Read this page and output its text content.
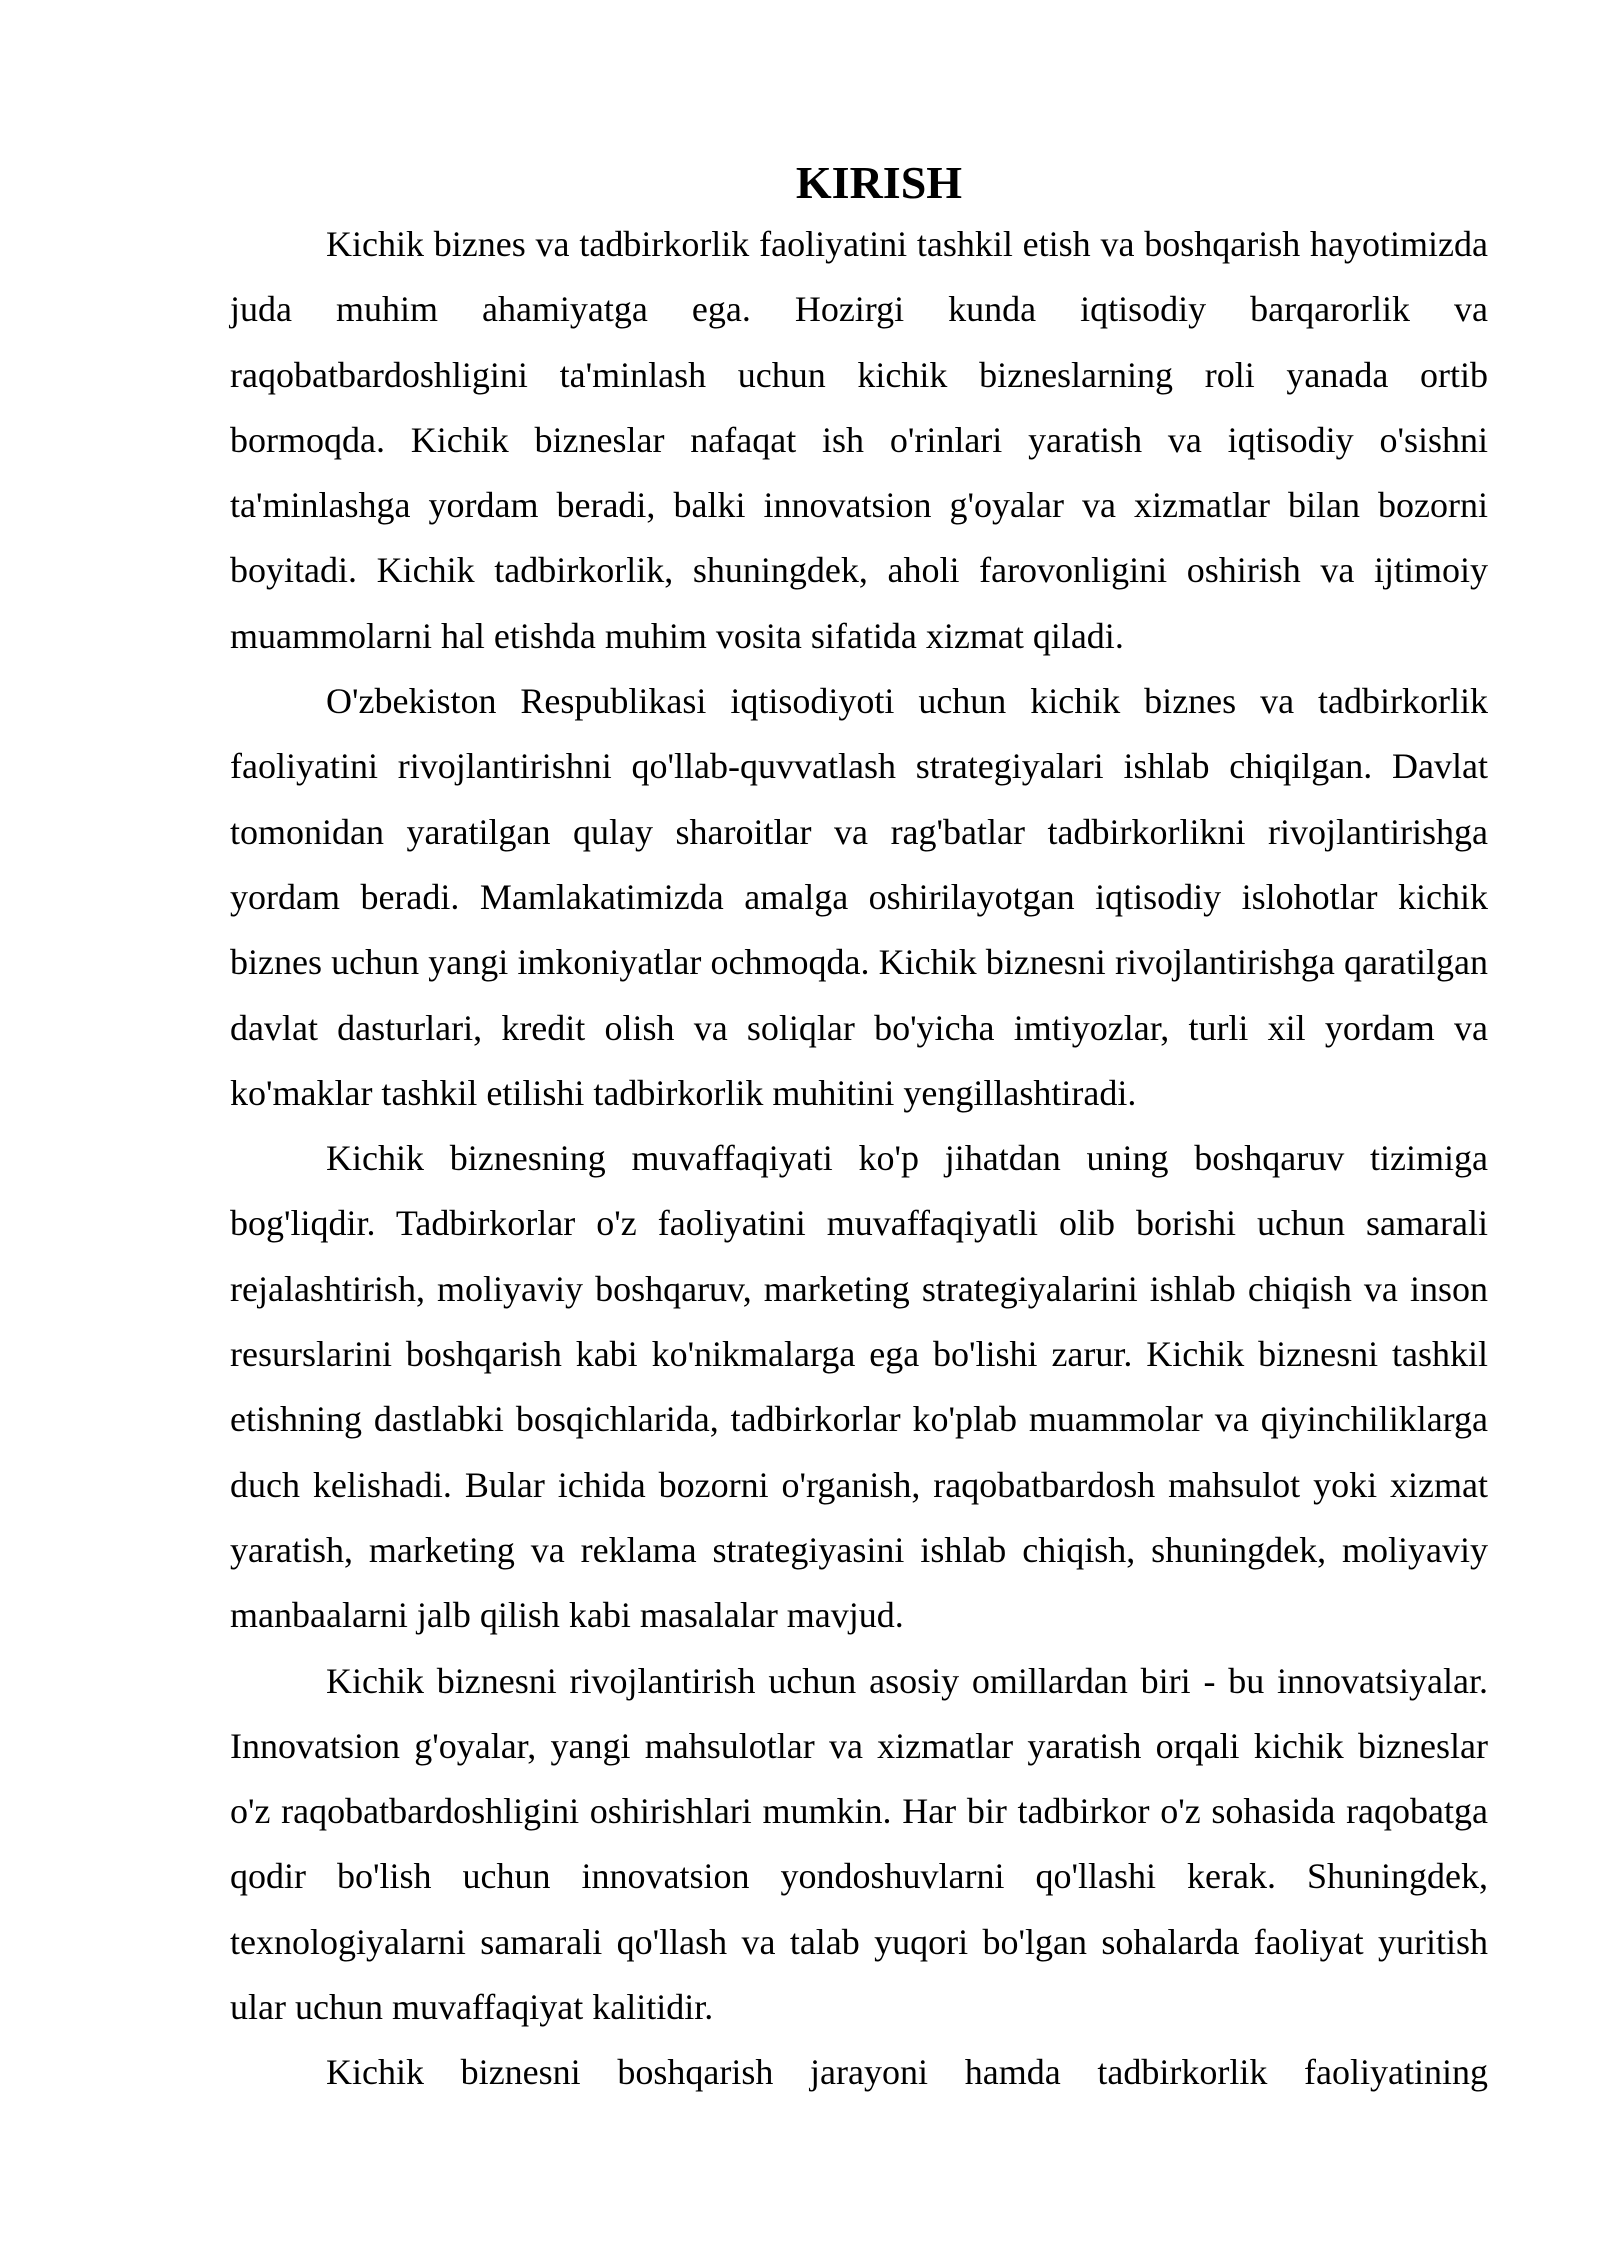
KIRISH

Kichik biznes va tadbirkorlik faoliyatini tashkil etish va boshqarish hayotimizda juda muhim ahamiyatga ega. Hozirgi kunda iqtisodiy barqarorlik va raqobatbardoshligini ta'minlash uchun kichik bizneslarning roli yanada ortib bormoqda. Kichik bizneslar nafaqat ish o'rinlari yaratish va iqtisodiy o'sishni ta'minlashga yordam beradi, balki innovatsion g'oyalar va xizmatlar bilan bozorni boyitadi. Kichik tadbirkorlik, shuningdek, aholi farovonligini oshirish va ijtimoiy muammolarni hal etishda muhim vosita sifatida xizmat qiladi.

O'zbekiston Respublikasi iqtisodiyoti uchun kichik biznes va tadbirkorlik faoliyatini rivojlantirishni qo'llab-quvvatlash strategiyalari ishlab chiqilgan. Davlat tomonidan yaratilgan qulay sharoitlar va rag'batlar tadbirkorlikni rivojlantirishga yordam beradi. Mamlakatimizda amalga oshirilayotgan iqtisodiy islohotlar kichik biznes uchun yangi imkoniyatlar ochmoqda. Kichik biznesni rivojlantirishga qaratilgan davlat dasturlari, kredit olish va soliqlar bo'yicha imtiyozlar, turli xil yordam va ko'maklar tashkil etilishi tadbirkorlik muhitini yengillashtiradi.

Kichik biznesning muvaffaqiyati ko'p jihatdan uning boshqaruv tizimiga bog'liqdir. Tadbirkorlar o'z faoliyatini muvaffaqiyatli olib borishi uchun samarali rejalashtirish, moliyaviy boshqaruv, marketing strategiyalarini ishlab chiqish va inson resurslarini boshqarish kabi ko'nikmalarga ega bo'lishi zarur. Kichik biznesni tashkil etishning dastlabki bosqichlarida, tadbirkorlar ko'plab muammolar va qiyinchiliklarga duch kelishadi. Bular ichida bozorni o'rganish, raqobatbardosh mahsulot yoki xizmat yaratish, marketing va reklama strategiyasini ishlab chiqish, shuningdek, moliyaviy manbaalarni jalb qilish kabi masalalar mavjud.

Kichik biznesni rivojlantirish uchun asosiy omillardan biri - bu innovatsiyalar. Innovatsion g'oyalar, yangi mahsulotlar va xizmatlar yaratish orqali kichik bizneslar o'z raqobatbardoshligini oshirishlari mumkin. Har bir tadbirkor o'z sohasida raqobatga qodir bo'lish uchun innovatsion yondoshuvlarni qo'llashi kerak. Shuningdek, texnologiyalarni samarali qo'llash va talab yuqori bo'lgan sohalarda faoliyat yuritish ular uchun muvaffaqiyat kalitidir.

Kichik biznesni boshqarish jarayoni hamda tadbirkorlik faoliyatining
